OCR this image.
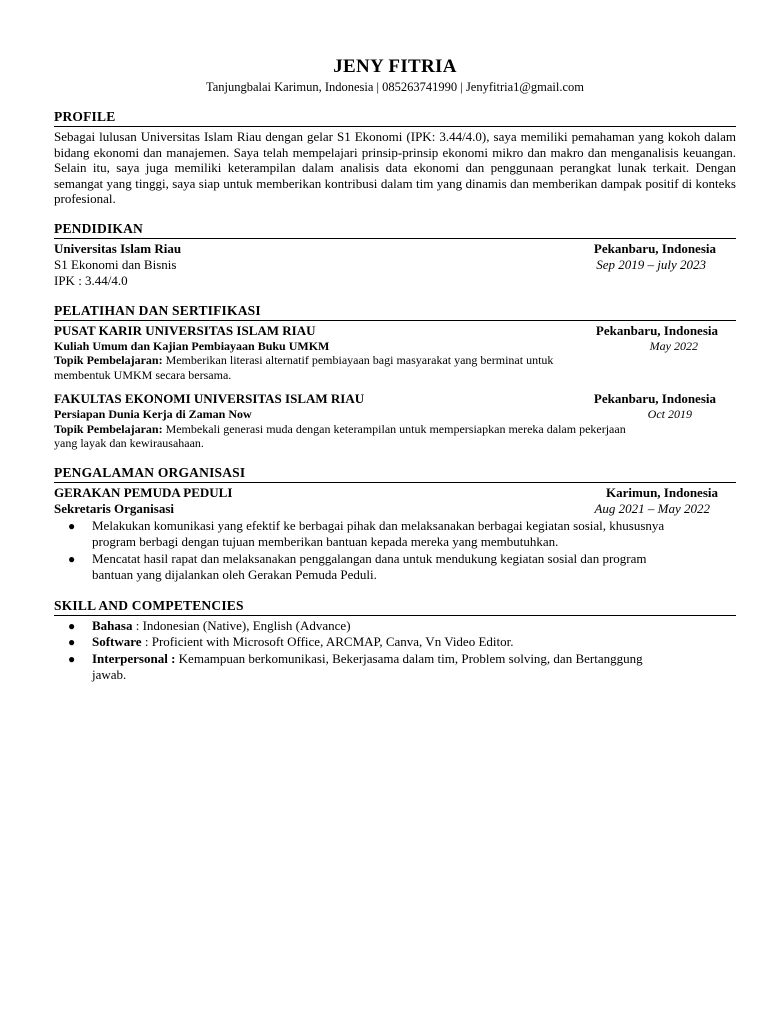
JENY FITRIA
Tanjungbalai Karimun, Indonesia | 085263741990 | Jenyfitria1@gmail.com
PROFILE
Sebagai lulusan Universitas Islam Riau dengan gelar S1 Ekonomi (IPK: 3.44/4.0), saya memiliki pemahaman yang kokoh dalam bidang ekonomi dan manajemen. Saya telah mempelajari prinsip-prinsip ekonomi mikro dan makro dan menganalisis keuangan. Selain itu, saya juga memiliki keterampilan dalam analisis data ekonomi dan penggunaan perangkat lunak terkait. Dengan semangat yang tinggi, saya siap untuk memberikan kontribusi dalam tim yang dinamis dan memberikan dampak positif di konteks profesional.
PENDIDIKAN
Universitas Islam Riau	Pekanbaru, Indonesia
S1 Ekonomi dan Bisnis	Sep 2019 – july 2023
IPK : 3.44/4.0
PELATIHAN DAN SERTIFIKASI
PUSAT KARIR UNIVERSITAS ISLAM RIAU	Pekanbaru, Indonesia
Kuliah Umum dan Kajian Pembiayaan Buku UMKM	May 2022
Topik Pembelajaran: Memberikan literasi alternatif pembiayaan bagi masyarakat yang berminat untuk
membentuk UMKM secara bersama.
FAKULTAS EKONOMI UNIVERSITAS ISLAM RIAU	Pekanbaru, Indonesia
Persiapan Dunia Kerja di Zaman Now	Oct 2019
Topik Pembelajaran: Membekali generasi muda dengan keterampilan untuk mempersiapkan mereka dalam pekerjaan
yang layak dan kewirausahaan.
PENGALAMAN ORGANISASI
GERAKAN PEMUDA PEDULI	Karimun, Indonesia
Sekretaris Organisasi	Aug 2021 – May 2022
● Melakukan komunikasi yang efektif ke berbagai pihak dan melaksanakan berbagai kegiatan sosial, khususnya program berbagi dengan tujuan memberikan bantuan kepada mereka yang membutuhkan.
● Mencatat hasil rapat dan melaksanakan penggalangan dana untuk mendukung kegiatan sosial dan program bantuan yang dijalankan oleh Gerakan Pemuda Peduli.
SKILL AND COMPETENCIES
● Bahasa : Indonesian (Native), English (Advance)
● Software : Proficient with Microsoft Office, ARCMAP, Canva, Vn Video Editor.
● Interpersonal : Kemampuan berkomunikasi, Bekerjasama dalam tim, Problem solving, dan Bertanggung jawab.
